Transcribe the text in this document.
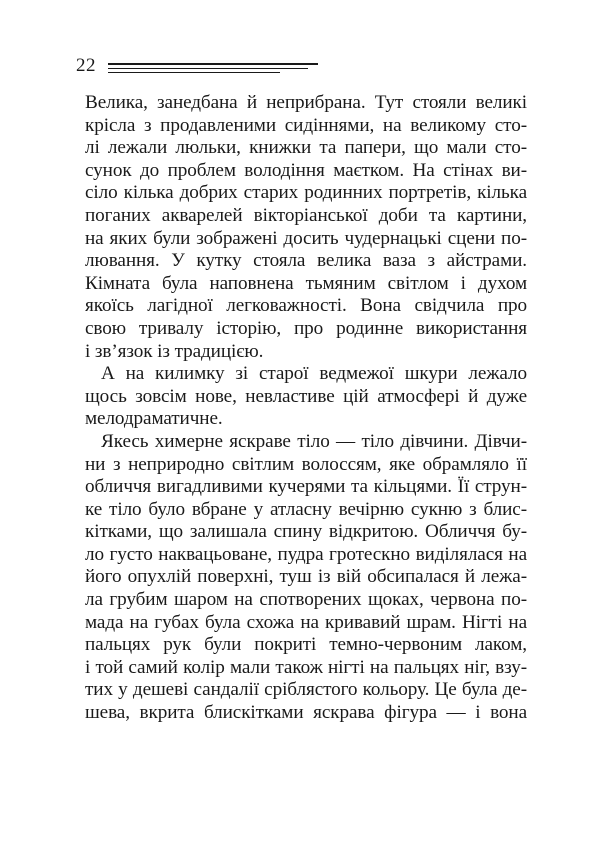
22
Велика, занедбана й неприбрана. Тут стояли великі
крісла з продавленими сидіннями, на великому сто-
лі лежали люльки, книжки та папери, що мали сто-
сунок до проблем володіння маєтком. На стінах ви-
сіло кілька добрих старих родинних портретів, кілька
поганих акварелей вікторіанської доби та картини,
на яких були зображені досить чудернацькі сцени по-
лювання. У кутку стояла велика ваза з айстрами.
Кімната була наповнена тьмяним світлом і духом
якоїсь лагідної легковажності. Вона свідчила про
свою тривалу історію, про родинне використання
і зв’язок із традицією.
А на килимку зі старої ведмежої шкури лежало
щось зовсім нове, невластиве цій атмосфері й дуже
мелодраматичне.
Якесь химерне яскраве тіло — тіло дівчини. Дівчи-
ни з неприродно світлим волоссям, яке обрамляло її
обличчя вигадливими кучерями та кільцями. Її струн-
ке тіло було вбране у атласну вечірню сукню з блис-
кітками, що залишала спину відкритою. Обличчя бу-
ло густо наквацьоване, пудра гротескно виділялася на
його опухлій поверхні, туш із вій обсипалася й лежа-
ла грубим шаром на спотворених щоках, червона по-
мада на губах була схожа на кривавий шрам. Нігті на
пальцях рук були покриті темно-червоним лаком,
і той самий колір мали також нігті на пальцях ніг, взу-
тих у дешеві сандалії сріблястого кольору. Це була де-
шева, вкрита блискітками яскрава фігура — і вона
